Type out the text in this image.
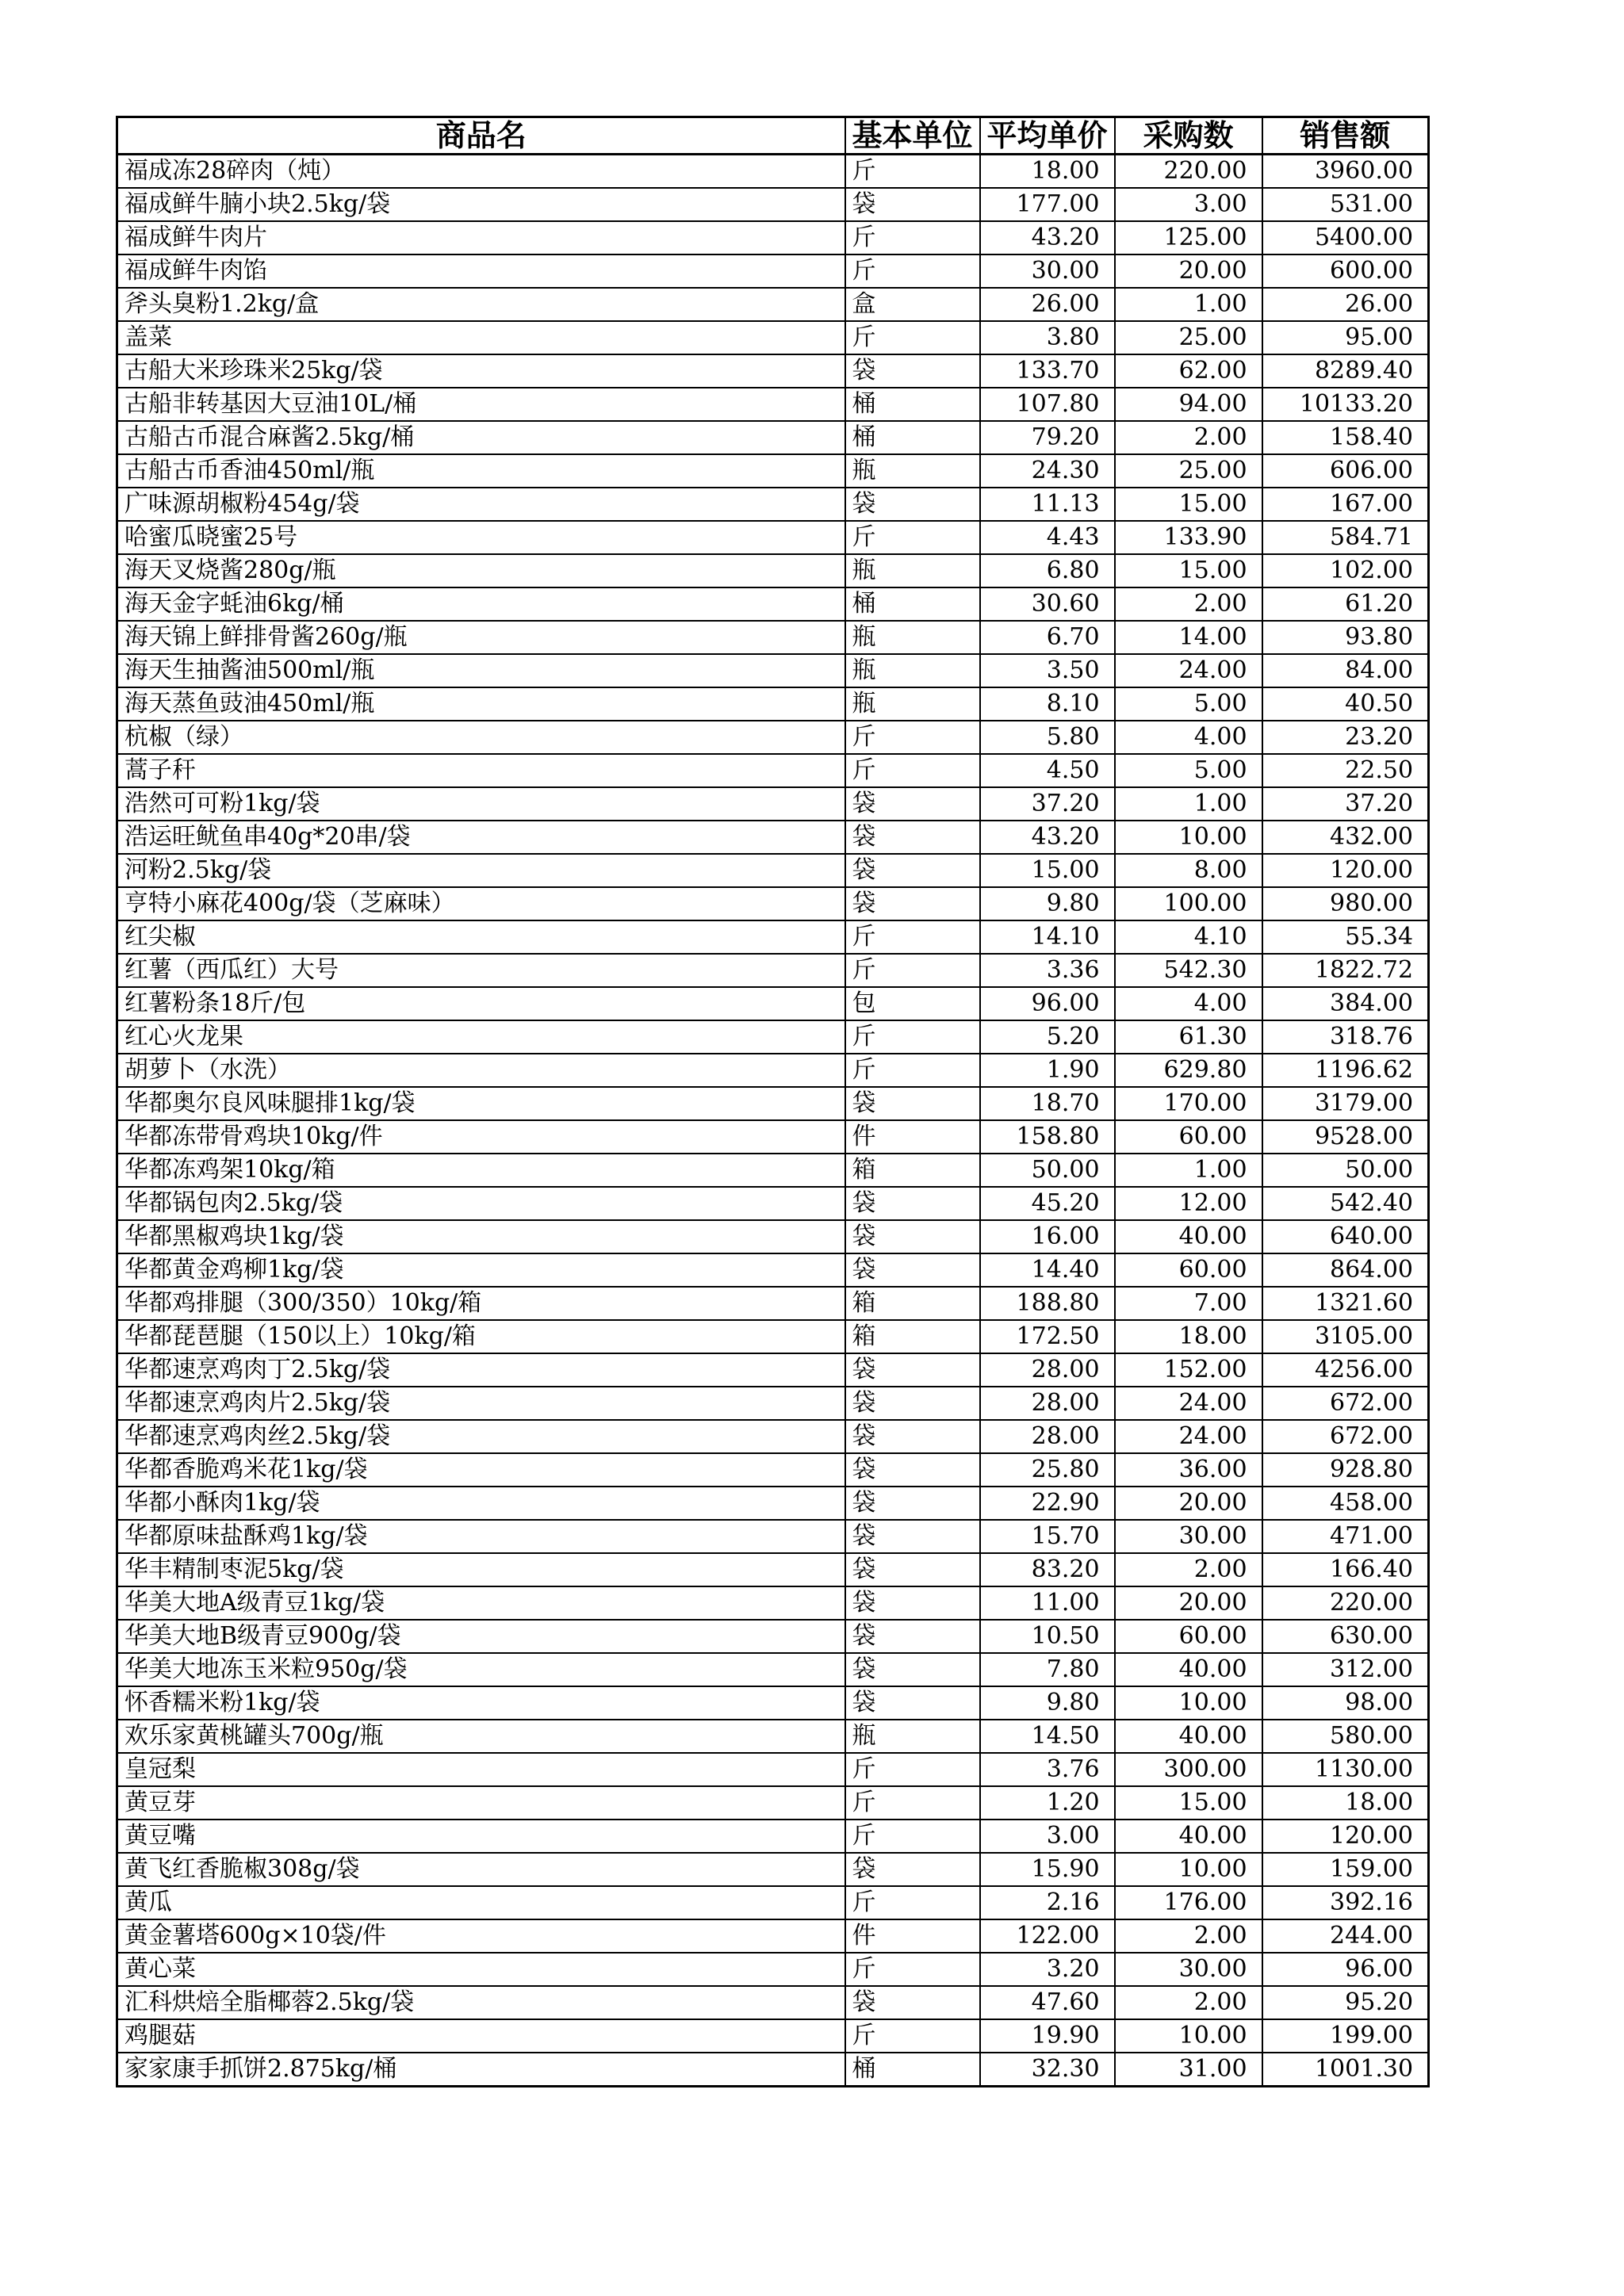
商品名	基本单位	平均单价	采购数	销售额
福成冻28碎肉（炖）	斤	18.00	220.00	3960.00
福成鲜牛腩小块2.5kg/袋	袋	177.00	3.00	531.00
福成鲜牛肉片	斤	43.20	125.00	5400.00
福成鲜牛肉馅	斤	30.00	20.00	600.00
斧头臭粉1.2kg/盒	盒	26.00	1.00	26.00
盖菜	斤	3.80	25.00	95.00
古船大米珍珠米25kg/袋	袋	133.70	62.00	8289.40
古船非转基因大豆油10L/桶	桶	107.80	94.00	10133.20
古船古币混合麻酱2.5kg/桶	桶	79.20	2.00	158.40
古船古币香油450ml/瓶	瓶	24.30	25.00	606.00
广味源胡椒粉454g/袋	袋	11.13	15.00	167.00
哈蜜瓜晓蜜25号	斤	4.43	133.90	584.71
海天叉烧酱280g/瓶	瓶	6.80	15.00	102.00
海天金字蚝油6kg/桶	桶	30.60	2.00	61.20
海天锦上鲜排骨酱260g/瓶	瓶	6.70	14.00	93.80
海天生抽酱油500ml/瓶	瓶	3.50	24.00	84.00
海天蒸鱼豉油450ml/瓶	瓶	8.10	5.00	40.50
杭椒（绿）	斤	5.80	4.00	23.20
蒿子秆	斤	4.50	5.00	22.50
浩然可可粉1kg/袋	袋	37.20	1.00	37.20
浩运旺鱿鱼串40g*20串/袋	袋	43.20	10.00	432.00
河粉2.5kg/袋	袋	15.00	8.00	120.00
亨特小麻花400g/袋（芝麻味）	袋	9.80	100.00	980.00
红尖椒	斤	14.10	4.10	55.34
红薯（西瓜红）大号	斤	3.36	542.30	1822.72
红薯粉条18斤/包	包	96.00	4.00	384.00
红心火龙果	斤	5.20	61.30	318.76
胡萝卜（水洗）	斤	1.90	629.80	1196.62
华都奥尔良风味腿排1kg/袋	袋	18.70	170.00	3179.00
华都冻带骨鸡块10kg/件	件	158.80	60.00	9528.00
华都冻鸡架10kg/箱	箱	50.00	1.00	50.00
华都锅包肉2.5kg/袋	袋	45.20	12.00	542.40
华都黑椒鸡块1kg/袋	袋	16.00	40.00	640.00
华都黄金鸡柳1kg/袋	袋	14.40	60.00	864.00
华都鸡排腿（300/350）10kg/箱	箱	188.80	7.00	1321.60
华都琵琶腿（150以上）10kg/箱	箱	172.50	18.00	3105.00
华都速烹鸡肉丁2.5kg/袋	袋	28.00	152.00	4256.00
华都速烹鸡肉片2.5kg/袋	袋	28.00	24.00	672.00
华都速烹鸡肉丝2.5kg/袋	袋	28.00	24.00	672.00
华都香脆鸡米花1kg/袋	袋	25.80	36.00	928.80
华都小酥肉1kg/袋	袋	22.90	20.00	458.00
华都原味盐酥鸡1kg/袋	袋	15.70	30.00	471.00
华丰精制枣泥5kg/袋	袋	83.20	2.00	166.40
华美大地A级青豆1kg/袋	袋	11.00	20.00	220.00
华美大地B级青豆900g/袋	袋	10.50	60.00	630.00
华美大地冻玉米粒950g/袋	袋	7.80	40.00	312.00
怀香糯米粉1kg/袋	袋	9.80	10.00	98.00
欢乐家黄桃罐头700g/瓶	瓶	14.50	40.00	580.00
皇冠梨	斤	3.76	300.00	1130.00
黄豆芽	斤	1.20	15.00	18.00
黄豆嘴	斤	3.00	40.00	120.00
黄飞红香脆椒308g/袋	袋	15.90	10.00	159.00
黄瓜	斤	2.16	176.00	392.16
黄金薯塔600g×10袋/件	件	122.00	2.00	244.00
黄心菜	斤	3.20	30.00	96.00
汇科烘焙全脂椰蓉2.5kg/袋	袋	47.60	2.00	95.20
鸡腿菇	斤	19.90	10.00	199.00
家家康手抓饼2.875kg/桶	桶	32.30	31.00	1001.30
